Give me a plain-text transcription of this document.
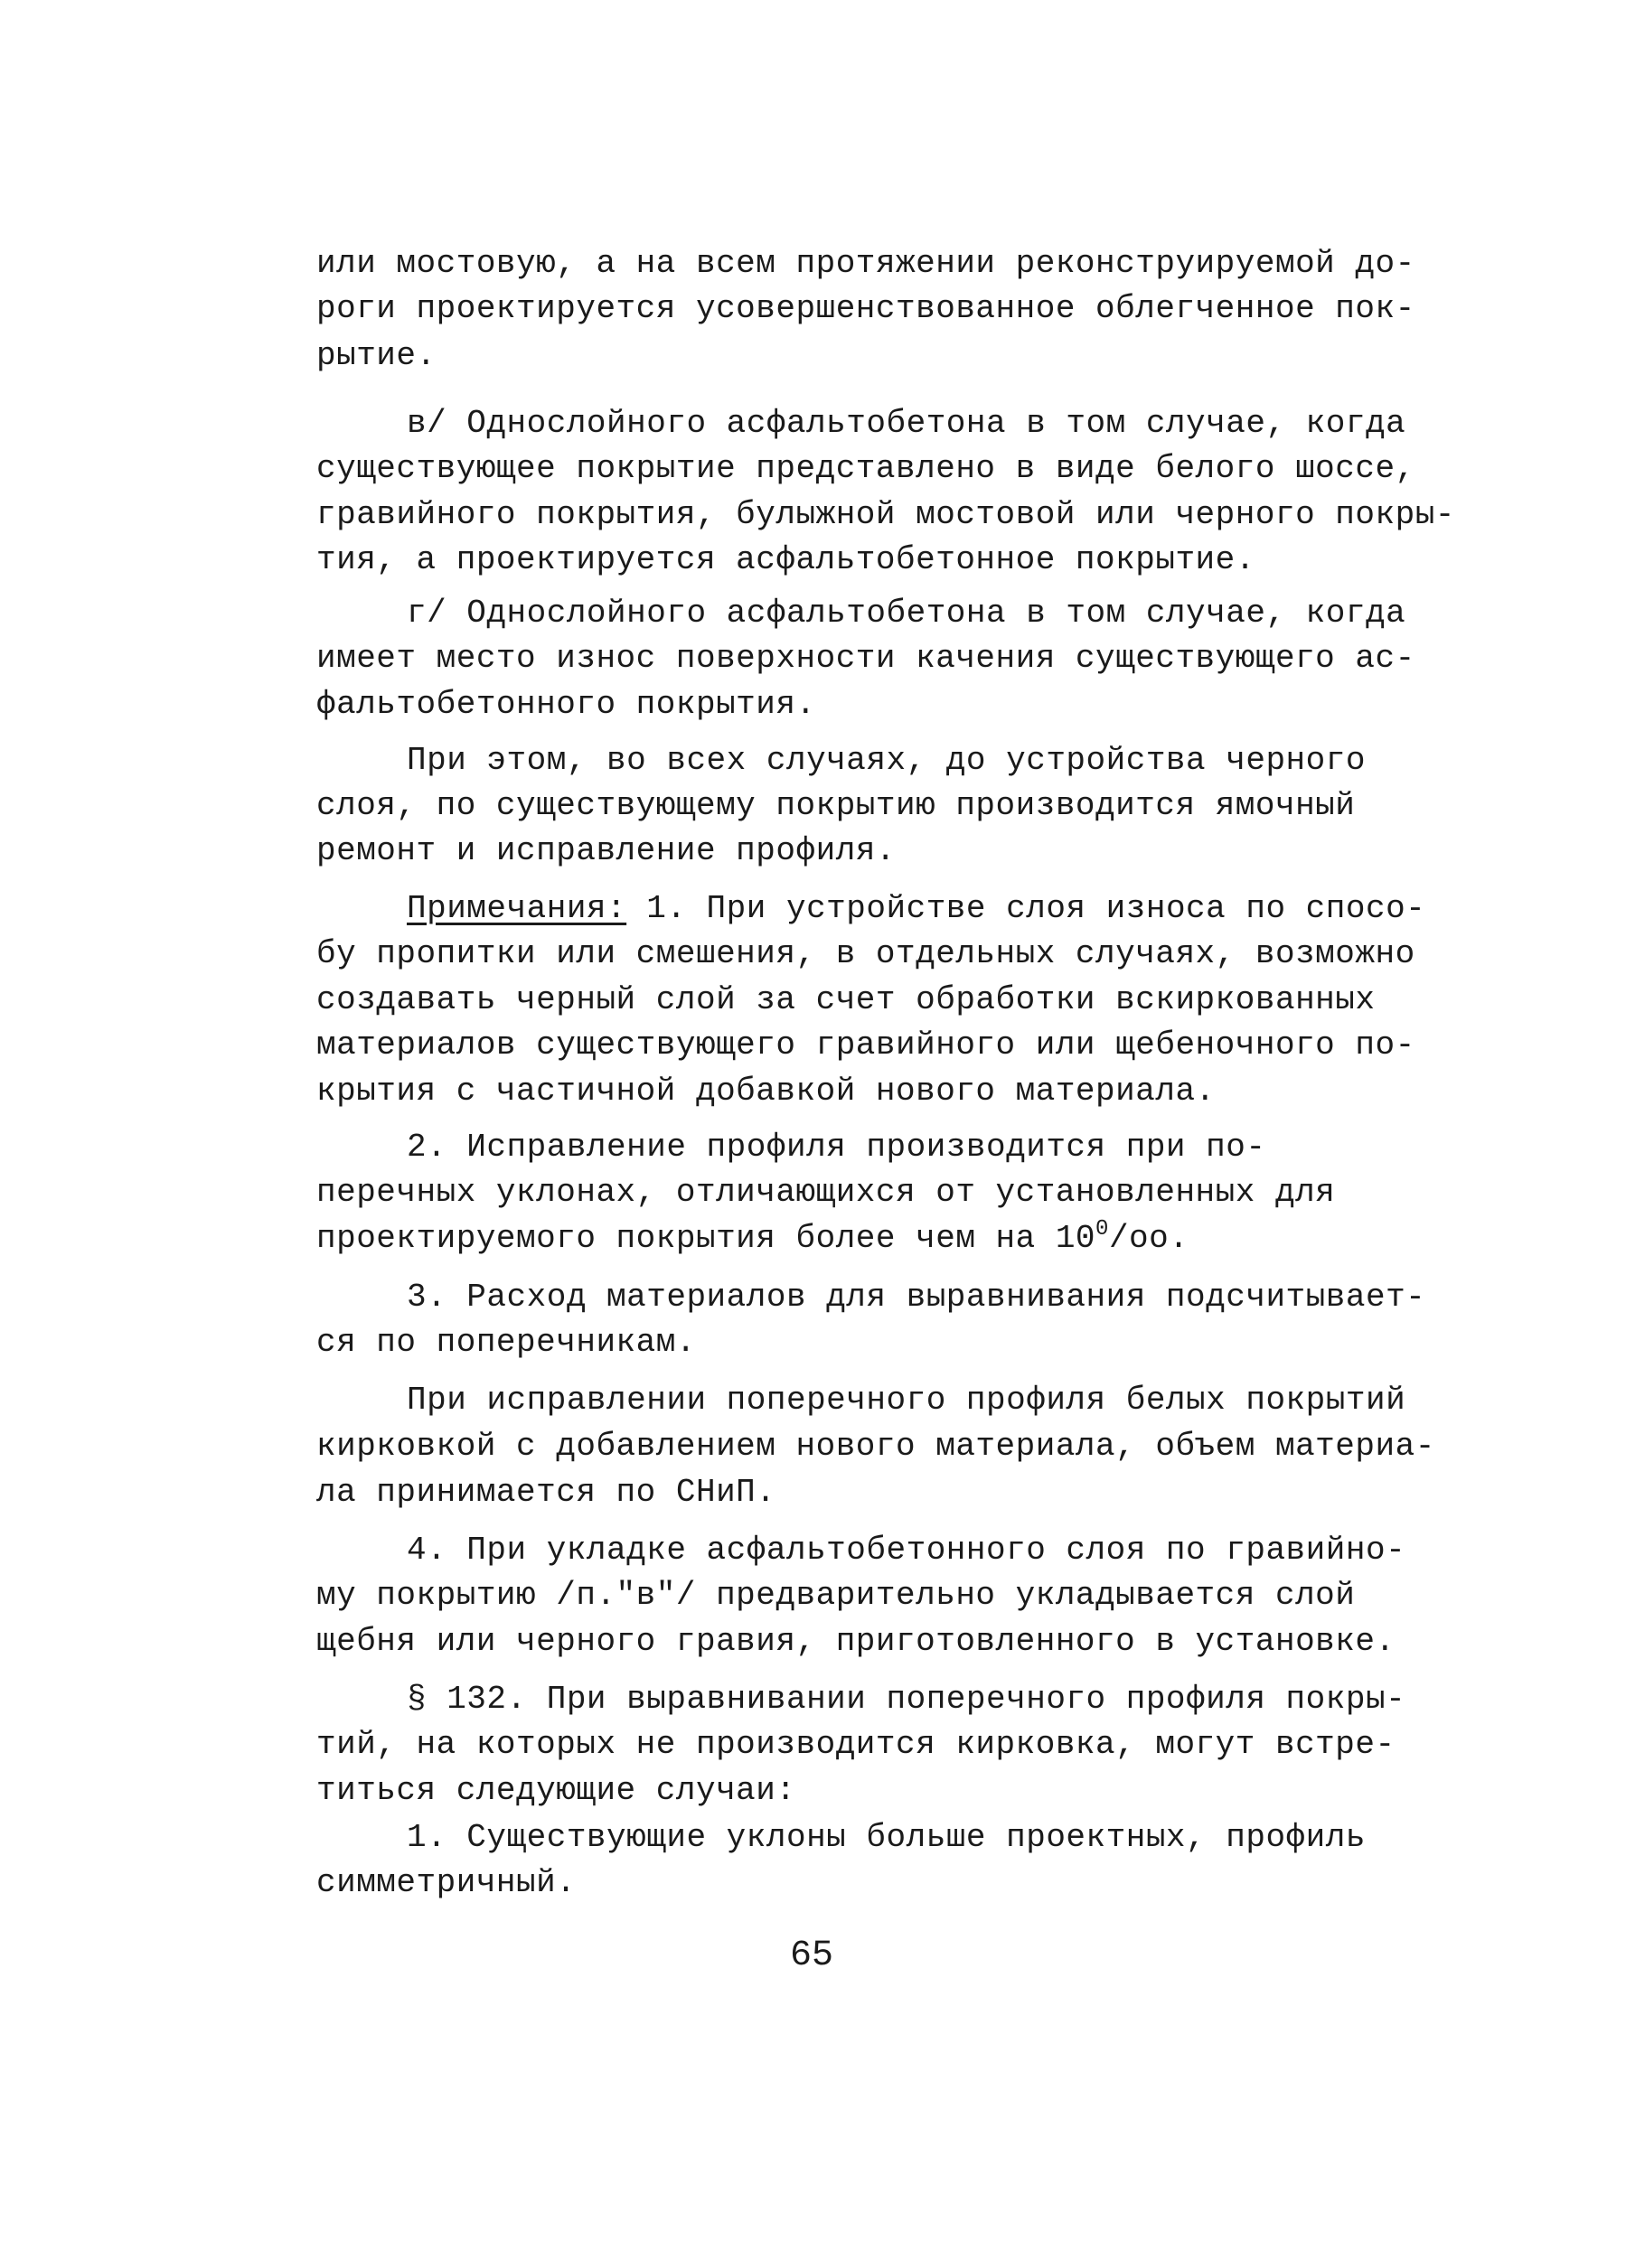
или мостовую, а на всем протяжении реконструируемой до-
роги проектируется усовершенствованное облегченное пок-
рытие.
в/ Однослойного асфальтобетона в том случае, когда
существующее покрытие представлено в виде белого шоссе,
гравийного покрытия, булыжной мостовой или черного покры-
тия, а проектируется асфальтобетонное покрытие.
г/ Однослойного асфальтобетона в том случае, когда
имеет место износ поверхности качения существующего ас-
фальтобетонного покрытия.
При этом, во всех случаях, до устройства черного
слоя, по существующему покрытию производится ямочный
ремонт и исправление профиля.
Примечания: 1. При устройстве слоя износа по спосо-
бу пропитки или смешения, в отдельных случаях, возможно
создавать черный слой за счет обработки вскиркованных
материалов существующего гравийного или щебеночного по-
крытия с частичной добавкой нового материала.
2. Исправление профиля производится при по-
перечных уклонах, отличающихся от установленных для
проектируемого покрытия более чем на $10^0/оо$.
3. Расход материалов для выравнивания подсчитывает-
ся по поперечникам.
При исправлении поперечного профиля белых покрытий
кирковкой с добавлением нового материала, объем материа-
ла принимается по СНиП.
4. При укладке асфальтобетонного слоя по гравийно-
му покрытию /п."в"/ предварительно укладывается слой
щебня или черного гравия, приготовленного в установке.
§ 132. При выравнивании поперечного профиля покры-
тий, на которых не производится кирковка, могут встре-
титься следующие случаи:
1. Существующие уклоны больше проектных, профиль
симметричный.
65
